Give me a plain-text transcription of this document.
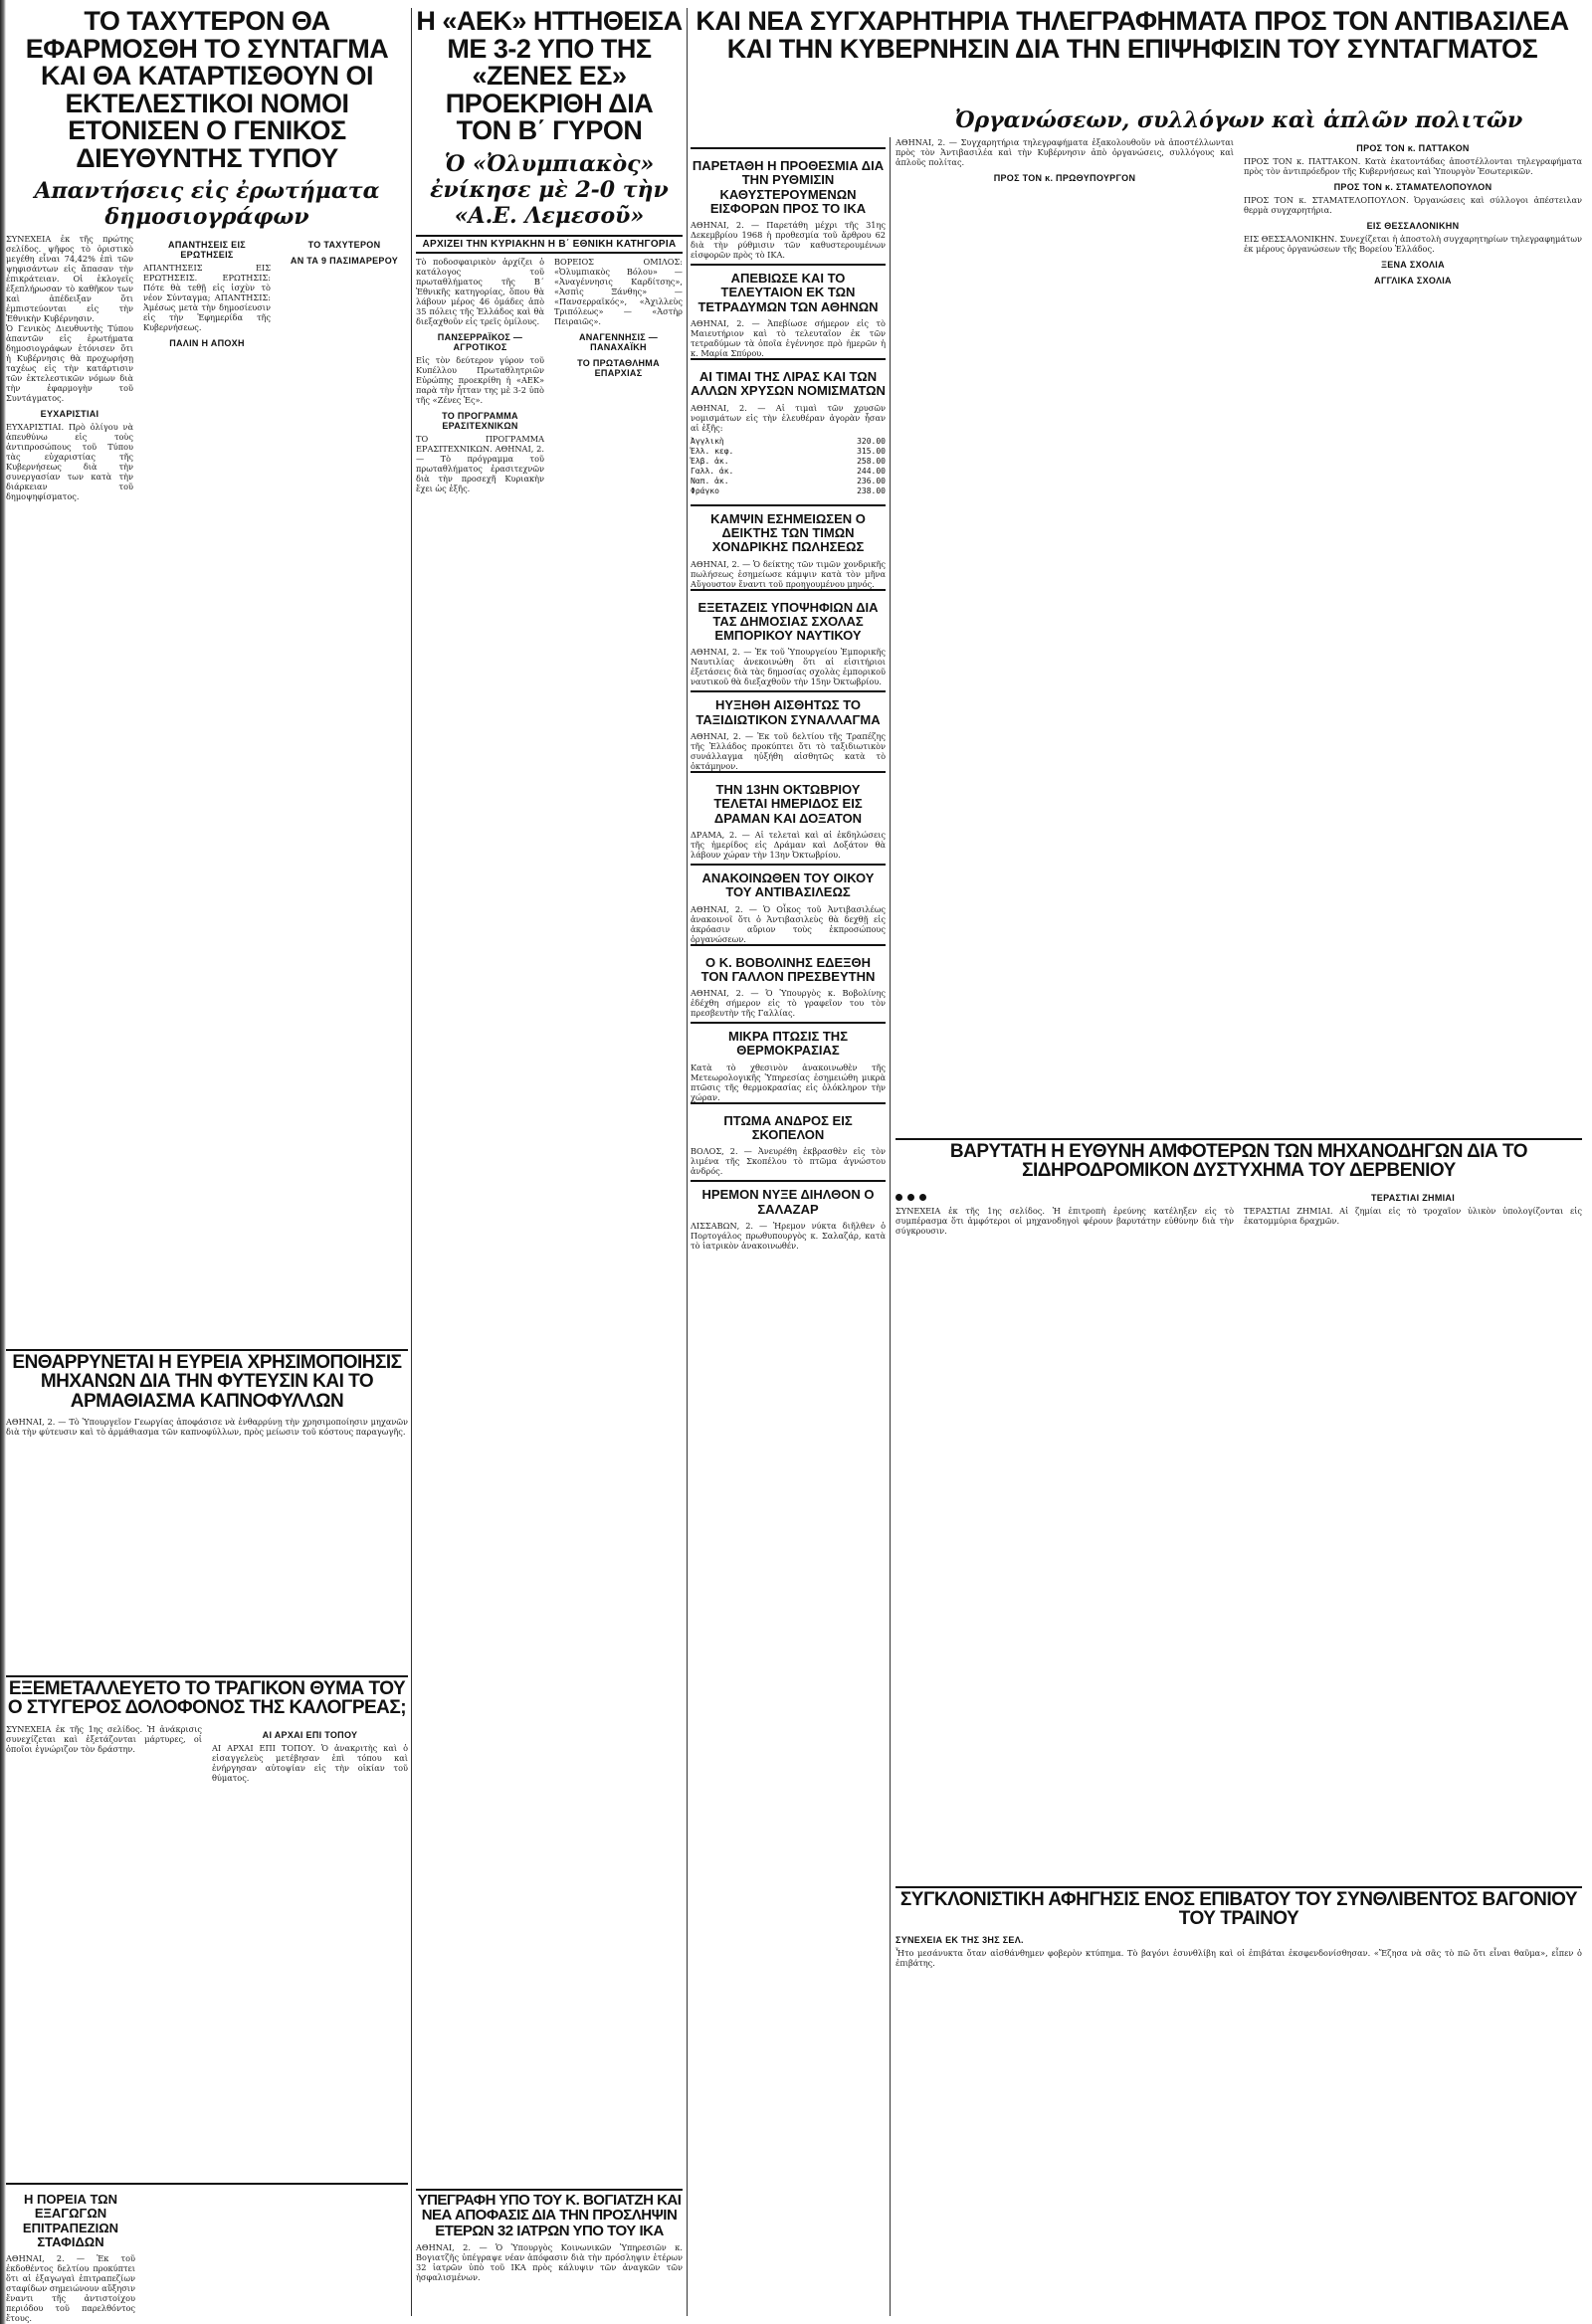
ΤΟ ΤΑΧΥΤΕΡΟΝ ΘΑ ΕΦΑΡΜΟΣΘΗ ΤΟ ΣΥΝΤΑΓΜΑ ΚΑΙ ΘΑ ΚΑΤΑΡΤΙΣΘΟΥΝ ΟΙ ΕΚΤΕΛΕΣΤΙΚΟΙ ΝΟΜΟΙ ΕΤΟΝΙΣΕΝ Ο ΓΕΝΙΚΟΣ ΔΙΕΥΘΥΝΤΗΣ ΤΥΠΟΥ
Απαντήσεις εἰς ἐρωτήματα δημοσιογράφων

ΣΥΝΕΧΕΙΑ ἐκ τῆς πρώτης σελίδος. ψῆφος τὸ ὁριστικὸ μεγέθη εἶναι 74,42% ἐπὶ τῶν ψηφισάντων εἰς ἅπασαν τὴν ἐπικράτειαν. Οἱ ἐκλογεῖς ἐξεπλήρωσαν τὸ καθῆκον των καὶ ἀπέδειξαν ὅτι ἐμπιστεύονται εἰς τὴν Ἐθνικὴν Κυβέρνησιν.

Ὁ Γενικὸς Διευθυντὴς Τύπου ἀπαντῶν εἰς ἐρωτήματα δημοσιογράφων ἐτόνισεν ὅτι ἡ Κυβέρνησις θὰ προχωρήσῃ ταχέως εἰς τὴν κατάρτισιν τῶν ἐκτελεστικῶν νόμων διὰ τὴν ἐφαρμογὴν τοῦ Συντάγματος.

ΕΥΧΑΡΙΣΤΙΑΙ

ΕΥΧΑΡΙΣΤΙΑΙ. Πρὸ ὀλίγου νὰ ἀπευθύνω εἰς τοὺς ἀντιπροσώπους τοῦ Τύπου τὰς εὐχαριστίας τῆς Κυβερνήσεως διὰ τὴν συνεργασίαν των κατὰ τὴν διάρκειαν τοῦ δημοψηφίσματος.

ΑΠΑΝΤΗΣΕΙΣ ΕΙΣ ΕΡΩΤΗΣΕΙΣ

ΑΠΑΝΤΗΣΕΙΣ ΕΙΣ ΕΡΩΤΗΣΕΙΣ. ΕΡΩΤΗΣΙΣ: Πότε θὰ τεθῇ εἰς ἰσχὺν τὸ νέον Σύνταγμα; ΑΠΑΝΤΗΣΙΣ: Ἀμέσως μετὰ τὴν δημοσίευσιν εἰς τὴν Ἐφημερίδα τῆς Κυβερνήσεως.

ΠΑΛΙΝ Η ΑΠΟΧΗ
ΤΟ ΤΑΧΥΤΕΡΟΝ
ΑΝ ΤΑ 9 ΠΑΣΙΜΑΡΕΡΟΥ
ΕΝΘΑΡΡΥΝΕΤΑΙ Η ΕΥΡΕΙΑ ΧΡΗΣΙΜΟΠΟΙΗΣΙΣ ΜΗΧΑΝΩΝ ΔΙΑ ΤΗΝ ΦΥΤΕΥΣΙΝ ΚΑΙ ΤΟ ΑΡΜΑΘΙΑΣΜΑ ΚΑΠΝΟΦΥΛΛΩΝ

ΑΘΗΝΑΙ, 2. — Τὸ Ὑπουργεῖον Γεωργίας ἀποφάσισε νὰ ἐνθαρρύνῃ τὴν χρησιμοποίησιν μηχανῶν διὰ τὴν φύτευσιν καὶ τὸ ἀρμάθιασμα τῶν καπνοφύλλων, πρὸς μείωσιν τοῦ κόστους παραγωγῆς.

ΕΞΕΜΕΤΑΛΛΕΥΕΤΟ ΤΟ ΤΡΑΓΙΚΟΝ ΘΥΜΑ ΤΟΥ Ο ΣΤΥΓΕΡΟΣ ΔΟΛΟΦΟΝΟΣ ΤΗΣ ΚΑΛΟΓΡΕΑΣ;

ΣΥΝΕΧΕΙΑ ἐκ τῆς 1ης σελίδος. Ἡ ἀνάκρισις συνεχίζεται καὶ ἐξετάζονται μάρτυρες, οἱ ὁποῖοι ἐγνώριζον τὸν δράστην.

ΑΙ ΑΡΧΑΙ ΕΠΙ ΤΟΠΟΥ

ΑΙ ΑΡΧΑΙ ΕΠΙ ΤΟΠΟΥ. Ὁ ἀνακριτὴς καὶ ὁ εἰσαγγελεὺς μετέβησαν ἐπὶ τόπου καὶ ἐνήργησαν αὐτοψίαν εἰς τὴν οἰκίαν τοῦ θύματος.

Η ΠΟΡΕΙΑ ΤΩΝ ΕΞΑΓΩΓΩΝ ΕΠΙΤΡΑΠΕΖΙΩΝ ΣΤΑΦΙΔΩΝ

ΑΘΗΝΑΙ, 2. — Ἐκ τοῦ ἐκδοθέντος δελτίου προκύπτει ὅτι αἱ ἐξαγωγαὶ ἐπιτραπεζίων σταφίδων σημειώνουν αὔξησιν ἔναντι τῆς ἀντιστοίχου περιόδου τοῦ παρελθόντος ἔτους.

Η «ΑΕΚ» ΗΤΤΗΘΕΙΣΑ ΜΕ 3-2 ΥΠΟ ΤΗΣ «ΖΕΝΕΣ ΕΣ» ΠΡΟΕΚΡΙΘΗ ΔΙΑ ΤΟΝ Β΄ ΓΥΡΟΝ
Ὁ «Ὀλυμπιακὸς» ἐνίκησε μὲ 2-0 τὴν «Α.Ε. Λεμεσοῦ»
ΑΡΧΙΖΕΙ ΤΗΝ ΚΥΡΙΑΚΗΝ Η Β΄ ΕΘΝΙΚΗ ΚΑΤΗΓΟΡΙΑ

Τὸ ποδοσφαιρικὸν ἀρχίζει ὁ κατάλογος τοῦ πρωταθλήματος τῆς Β΄ Ἐθνικῆς κατηγορίας, ὅπου θὰ λάβουν μέρος 46 ὁμάδες ἀπὸ 35 πόλεις τῆς Ἑλλάδος καὶ θὰ διεξαχθοῦν εἰς τρεῖς ὁμίλους.

ΠΑΝΣΕΡΡΑΪΚΟΣ — ΑΓΡΟΤΙΚΟΣ

Εἰς τὸν δεύτερον γύρον τοῦ Κυπέλλου Πρωταθλητριῶν Εὐρώπης προεκρίθη ἡ «ΑΕΚ» παρὰ τὴν ἧτταν της μὲ 3-2 ὑπὸ τῆς «Ζένες Ἐς».

ΤΟ ΠΡΟΓΡΑΜΜΑ ΕΡΑΣΙΤΕΧΝΙΚΩΝ

ΤΟ ΠΡΟΓΡΑΜΜΑ ΕΡΑΣΙΤΕΧΝΙΚΩΝ. ΑΘΗΝΑΙ, 2. — Τὸ πρόγραμμα τοῦ πρωταθλήματος ἐρασιτεχνῶν διὰ τὴν προσεχῆ Κυριακὴν ἔχει ὡς ἑξῆς.

ΒΟΡΕΙΟΣ ΟΜΙΛΟΣ: «Ὀλυμπιακὸς Βόλου» — «Ἀναγέννησις Καρδίτσης», «Ἀσπὶς Ξάνθης» — «Πανσερραϊκός», «Ἀχιλλεὺς Τριπόλεως» — «Ἀστὴρ Πειραιῶς».

ΑΝΑΓΕΝΝΗΣΙΣ — ΠΑΝΑΧΑΪΚΗ
ΤΟ ΠΡΩΤΑΘΛΗΜΑ ΕΠΑΡΧΙΑΣ
ΥΠΕΓΡΑΦΗ ΥΠΟ ΤΟΥ Κ. ΒΟΓΙΑΤΖΗ ΚΑΙ ΝΕΑ ΑΠΟΦΑΣΙΣ ΔΙΑ ΤΗΝ ΠΡΟΣΛΗΨΙΝ ΕΤΕΡΩΝ 32 ΙΑΤΡΩΝ ΥΠΟ ΤΟΥ ΙΚΑ

ΑΘΗΝΑΙ, 2. — Ὁ Ὑπουργὸς Κοινωνικῶν Ὑπηρεσιῶν κ. Βογιατζῆς ὑπέγραψε νέαν ἀπόφασιν διὰ τὴν πρόσληψιν ἑτέρων 32 ἰατρῶν ὑπὸ τοῦ ΙΚΑ πρὸς κάλυψιν τῶν ἀναγκῶν τῶν ἠσφαλισμένων.

ΠΑΡΕΤΑΘΗ Η ΠΡΟΘΕΣΜΙΑ ΔΙΑ ΤΗΝ ΡΥΘΜΙΣΙΝ ΚΑΘΥΣΤΕΡΟΥΜΕΝΩΝ ΕΙΣΦΟΡΩΝ ΠΡΟΣ ΤΟ ΙΚΑ

ΑΘΗΝΑΙ, 2. — Παρετάθη μέχρι τῆς 31ης Δεκεμβρίου 1968 ἡ προθεσμία τοῦ ἄρθρου 62 διὰ τὴν ρύθμισιν τῶν καθυστερουμένων εἰσφορῶν πρὸς τὸ ΙΚΑ.

ΑΠΕΒΙΩΣΕ ΚΑΙ ΤΟ ΤΕΛΕΥΤΑΙΟΝ ΕΚ ΤΩΝ ΤΕΤΡΑΔΥΜΩΝ ΤΩΝ ΑΘΗΝΩΝ

ΑΘΗΝΑΙ, 2. — Ἀπεβίωσε σήμερον εἰς τὸ Μαιευτήριον καὶ τὸ τελευταῖον ἐκ τῶν τετραδύμων τὰ ὁποῖα ἐγέννησε πρὸ ἡμερῶν ἡ κ. Μαρία Σπύρου.

ΑΙ ΤΙΜΑΙ ΤΗΣ ΛΙΡΑΣ ΚΑΙ ΤΩΝ ΑΛΛΩΝ ΧΡΥΣΩΝ ΝΟΜΙΣΜΑΤΩΝ

ΑΘΗΝΑΙ, 2. — Αἱ τιμαὶ τῶν χρυσῶν νομισμάτων εἰς τὴν ἐλευθέραν ἀγορὰν ἦσαν αἱ ἑξῆς:

Ἀγγλικὴ	320.00
Ἑλλ. κεφ.	315.00
Ἑλβ. ἀκ.	258.00
Γαλλ. ἀκ.	244.00
Ναπ. ἀκ.	236.00
Φράγκο	238.00
ΚΑΜΨΙΝ ΕΣΗΜΕΙΩΣΕΝ Ο ΔΕΙΚΤΗΣ ΤΩΝ ΤΙΜΩΝ ΧΟΝΔΡΙΚΗΣ ΠΩΛΗΣΕΩΣ

ΑΘΗΝΑΙ, 2. — Ὁ δείκτης τῶν τιμῶν χονδρικῆς πωλήσεως ἐσημείωσε κάμψιν κατὰ τὸν μῆνα Αὔγουστον ἔναντι τοῦ προηγουμένου μηνός.

ΕΞΕΤΑΖΕΙΣ ΥΠΟΨΗΦΙΩΝ ΔΙΑ ΤΑΣ ΔΗΜΟΣΙΑΣ ΣΧΟΛΑΣ ΕΜΠΟΡΙΚΟΥ ΝΑΥΤΙΚΟΥ

ΑΘΗΝΑΙ, 2. — Ἐκ τοῦ Ὑπουργείου Ἐμπορικῆς Ναυτιλίας ἀνεκοινώθη ὅτι αἱ εἰσιτήριοι ἐξετάσεις διὰ τὰς δημοσίας σχολὰς ἐμπορικοῦ ναυτικοῦ θὰ διεξαχθοῦν τὴν 15ην Ὀκτωβρίου.

ΗΥΞΗΘΗ ΑΙΣΘΗΤΩΣ ΤΟ ΤΑΞΙΔΙΩΤΙΚΟΝ ΣΥΝΑΛΛΑΓΜΑ

ΑΘΗΝΑΙ, 2. — Ἐκ τοῦ δελτίου τῆς Τραπέζης τῆς Ἑλλάδος προκύπτει ὅτι τὸ ταξιδιωτικὸν συνάλλαγμα ηὐξήθη αἰσθητῶς κατὰ τὸ ὀκτάμηνον.

ΤΗΝ 13ΗΝ ΟΚΤΩΒΡΙΟΥ ΤΕΛΕΤΑΙ ΗΜΕΡΙΔΟΣ ΕΙΣ ΔΡΑΜΑΝ ΚΑΙ ΔΟΞΑΤΟΝ

ΔΡΑΜΑ, 2. — Αἱ τελεταὶ καὶ αἱ ἐκδηλώσεις τῆς ἡμερίδος εἰς Δράμαν καὶ Δοξάτον θὰ λάβουν χώραν τὴν 13ην Ὀκτωβρίου.

ΑΝΑΚΟΙΝΩΘΕΝ ΤΟΥ ΟΙΚΟΥ ΤΟΥ ΑΝΤΙΒΑΣΙΛΕΩΣ

ΑΘΗΝΑΙ, 2. — Ὁ Οἶκος τοῦ Ἀντιβασιλέως ἀνακοινοῖ ὅτι ὁ Ἀντιβασιλεὺς θὰ δεχθῇ εἰς ἀκρόασιν αὔριον τοὺς ἐκπροσώπους ὀργανώσεων.

Ο Κ. ΒΟΒΟΛΙΝΗΣ ΕΔΕΞΘΗ ΤΟΝ ΓΑΛΛΟΝ ΠΡΕΣΒΕΥΤΗΝ

ΑΘΗΝΑΙ, 2. — Ὁ Ὑπουργὸς κ. Βοβολίνης ἐδέχθη σήμερον εἰς τὸ γραφεῖον του τὸν πρεσβευτὴν τῆς Γαλλίας.

ΜΙΚΡΑ ΠΤΩΣΙΣ ΤΗΣ ΘΕΡΜΟΚΡΑΣΙΑΣ

Κατὰ τὸ χθεσινὸν ἀνακοινωθὲν τῆς Μετεωρολογικῆς Ὑπηρεσίας ἐσημειώθη μικρὰ πτῶσις τῆς θερμοκρασίας εἰς ὁλόκληρον τὴν χώραν.

ΠΤΩΜΑ ΑΝΔΡΟΣ ΕΙΣ ΣΚΟΠΕΛΟΝ

ΒΟΛΟΣ, 2. — Ἀνευρέθη ἐκβρασθὲν εἰς τὸν λιμένα τῆς Σκοπέλου τὸ πτῶμα ἀγνώστου ἀνδρός.

ΗΡΕΜΟΝ ΝΥΞΕ ΔΙΗΛΘΟΝ Ο ΣΑΛΑΖΑΡ

ΛΙΣΣΑΒΩΝ, 2. — Ἡρεμον νύκτα διῆλθεν ὁ Πορτογάλος πρωθυπουργὸς κ. Σαλαζάρ, κατὰ τὸ ἰατρικὸν ἀνακοινωθέν.

ΚΑΙ ΝΕΑ ΣΥΓΧΑΡΗΤΗΡΙΑ ΤΗΛΕΓΡΑΦΗΜΑΤΑ ΠΡΟΣ ΤΟΝ ΑΝΤΙΒΑΣΙΛΕΑ ΚΑΙ ΤΗΝ ΚΥΒΕΡΝΗΣΙΝ ΔΙΑ ΤΗΝ ΕΠΙΨΗΦΙΣΙΝ ΤΟΥ ΣΥΝΤΑΓΜΑΤΟΣ
Ὀργανώσεων, συλλόγων καὶ ἁπλῶν πολιτῶν

ΑΘΗΝΑΙ, 2. — Συγχαρητήρια τηλεγραφήματα ἐξακολουθοῦν νὰ ἀποστέλλωνται πρὸς τὸν Ἀντιβασιλέα καὶ τὴν Κυβέρνησιν ἀπὸ ὀργανώσεις, συλλόγους καὶ ἁπλοῦς πολίτας.

ΠΡΟΣ ΤΟΝ κ. ΠΡΩΘΥΠΟΥΡΓΟΝ
ΠΡΟΣ ΤΟΝ κ. ΠΑΤΤΑΚΟΝ

ΠΡΟΣ ΤΟΝ κ. ΠΑΤΤΑΚΟΝ. Κατὰ ἑκατοντάδας ἀποστέλλονται τηλεγραφήματα πρὸς τὸν ἀντιπρόεδρον τῆς Κυβερνήσεως καὶ Ὑπουργὸν Ἐσωτερικῶν.

ΠΡΟΣ ΤΟΝ κ. ΣΤΑΜΑΤΕΛΟΠΟΥΛΟΝ

ΠΡΟΣ ΤΟΝ κ. ΣΤΑΜΑΤΕΛΟΠΟΥΛΟΝ. Ὀργανώσεις καὶ σύλλογοι ἀπέστειλαν θερμὰ συγχαρητήρια.

ΕΙΣ ΘΕΣΣΑΛΟΝΙΚΗΝ

ΕΙΣ ΘΕΣΣΑΛΟΝΙΚΗΝ. Συνεχίζεται ἡ ἀποστολὴ συγχαρητηρίων τηλεγραφημάτων ἐκ μέρους ὀργανώσεων τῆς Βορείου Ἑλλάδος.

ΞΕΝΑ ΣΧΟΛΙΑ
ΑΓΓΛΙΚΑ ΣΧΟΛΙΑ
ΒΑΡΥΤΑΤΗ Η ΕΥΘΥΝΗ ΑΜΦΟΤΕΡΩΝ ΤΩΝ ΜΗΧΑΝΟΔΗΓΩΝ ΔΙΑ ΤΟ ΣΙΔΗΡΟΔΡΟΜΙΚΟΝ ΔΥΣΤΥΧΗΜΑ ΤΟΥ ΔΕΡΒΕΝΙΟΥ

ΣΥΝΕΧΕΙΑ ἐκ τῆς 1ης σελίδος. Ἡ ἐπιτροπὴ ἐρεύνης κατέληξεν εἰς τὸ συμπέρασμα ὅτι ἀμφότεροι οἱ μηχανοδηγοὶ φέρουν βαρυτάτην εὐθύνην διὰ τὴν σύγκρουσιν.

ΤΕΡΑΣΤΙΑΙ ΖΗΜΙΑΙ

ΤΕΡΑΣΤΙΑΙ ΖΗΜΙΑΙ. Αἱ ζημίαι εἰς τὸ τροχαῖον ὑλικὸν ὑπολογίζονται εἰς ἑκατομμύρια δραχμῶν.

ΣΥΓΚΛΟΝΙΣΤΙΚΗ ΑΦΗΓΗΣΙΣ ΕΝΟΣ ΕΠΙΒΑΤΟΥ ΤΟΥ ΣΥΝΘΛΙΒΕΝΤΟΣ ΒΑΓΟΝΙΟΥ ΤΟΥ ΤΡΑΙΝΟΥ
ΣΥΝΕΧΕΙΑ ΕΚ ΤΗΣ 3ΗΣ ΣΕΛ.

Ἦτο μεσάνυκτα ὅταν αἰσθάνθημεν φοβερὸν κτύπημα. Τὸ βαγόνι ἐσυνθλίβη καὶ οἱ ἐπιβάται ἐκσφενδονίσθησαν. «Ἔζησα νὰ σᾶς τὸ πῶ ὅτι εἶναι θαῦμα», εἶπεν ὁ ἐπιβάτης.
